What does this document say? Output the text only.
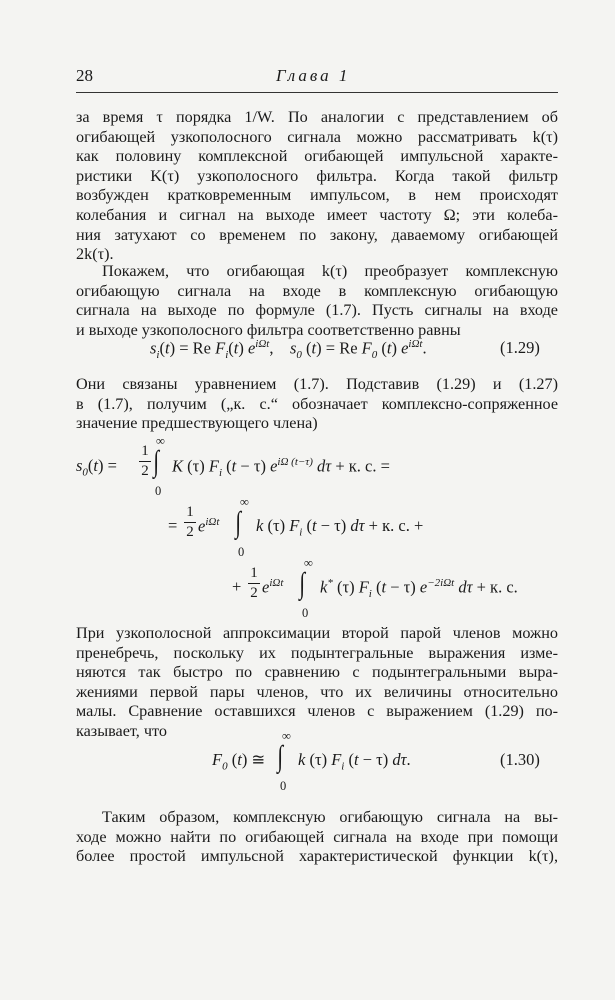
28	Глава 1
за время τ порядка 1/W. По аналогии с представлением об
огибающей узкополосного сигнала можно рассматривать k(τ)
как половину комплексной огибающей импульсной характе-
ристики K(τ) узкополосного фильтра. Когда такой фильтр
возбужден кратковременным импульсом, в нем происходят
колебания и сигнал на выходе имеет частоту Ω; эти колеба-
ния затухают со временем по закону, даваемому огибающей
2k(τ).
Покажем, что огибающая k(τ) преобразует комплексную
огибающую сигнала на входе в комплексную огибающую
сигнала на выходе по формуле (1.7). Пусть сигналы на входе
и выходе узкополосного фильтра соответственно равны
$s_i(t) = Re$ $F_i(t)$ $e^{i\Omega t}$,    $s_0$ (t) = Re $F_0$ (t) $e^{i\Omega t}$.	(1.29)
Они связаны уравнением (1.7). Подставив (1.29) и (1.27)
в (1.7), получим („к. с.“ обозначает комплексно-сопряженное
значение предшествующего члена)
$s_0(t)$ =
1
2 ∫
∞
0
K (τ) $F_i$ (t − τ) $e^{i\Omega (t-\tau)}$ dτ + к. с. =
=
1
2 $e^{i\Omega t}$ ∫
∞
0
k (τ) $F_i$ (t − τ) dτ + к. с. +
+
1
2 $e^{i\Omega t}$ ∫
∞
0
k* (τ) $F_i$ (t − τ) $e^{-2i\Omega t}$ dτ + к. с.
При узкополосной аппроксимации второй парой членов можно
пренебречь, поскольку их подынтегральные выражения изме-
няются так быстро по сравнению с подынтегральными выра-
жениями первой пары членов, что их величины относительно
малы. Сравнение оставшихся членов с выражением (1.29) по-
казывает, что
$F_0$ (t) ≅ ∫
∞
0
k (τ) $F_i$ (t − τ) dτ.	(1.30)
Таким образом, комплексную огибающую сигнала на вы-
ходе можно найти по огибающей сигнала на входе при помощи
более простой импульсной характеристической функции k(τ),
